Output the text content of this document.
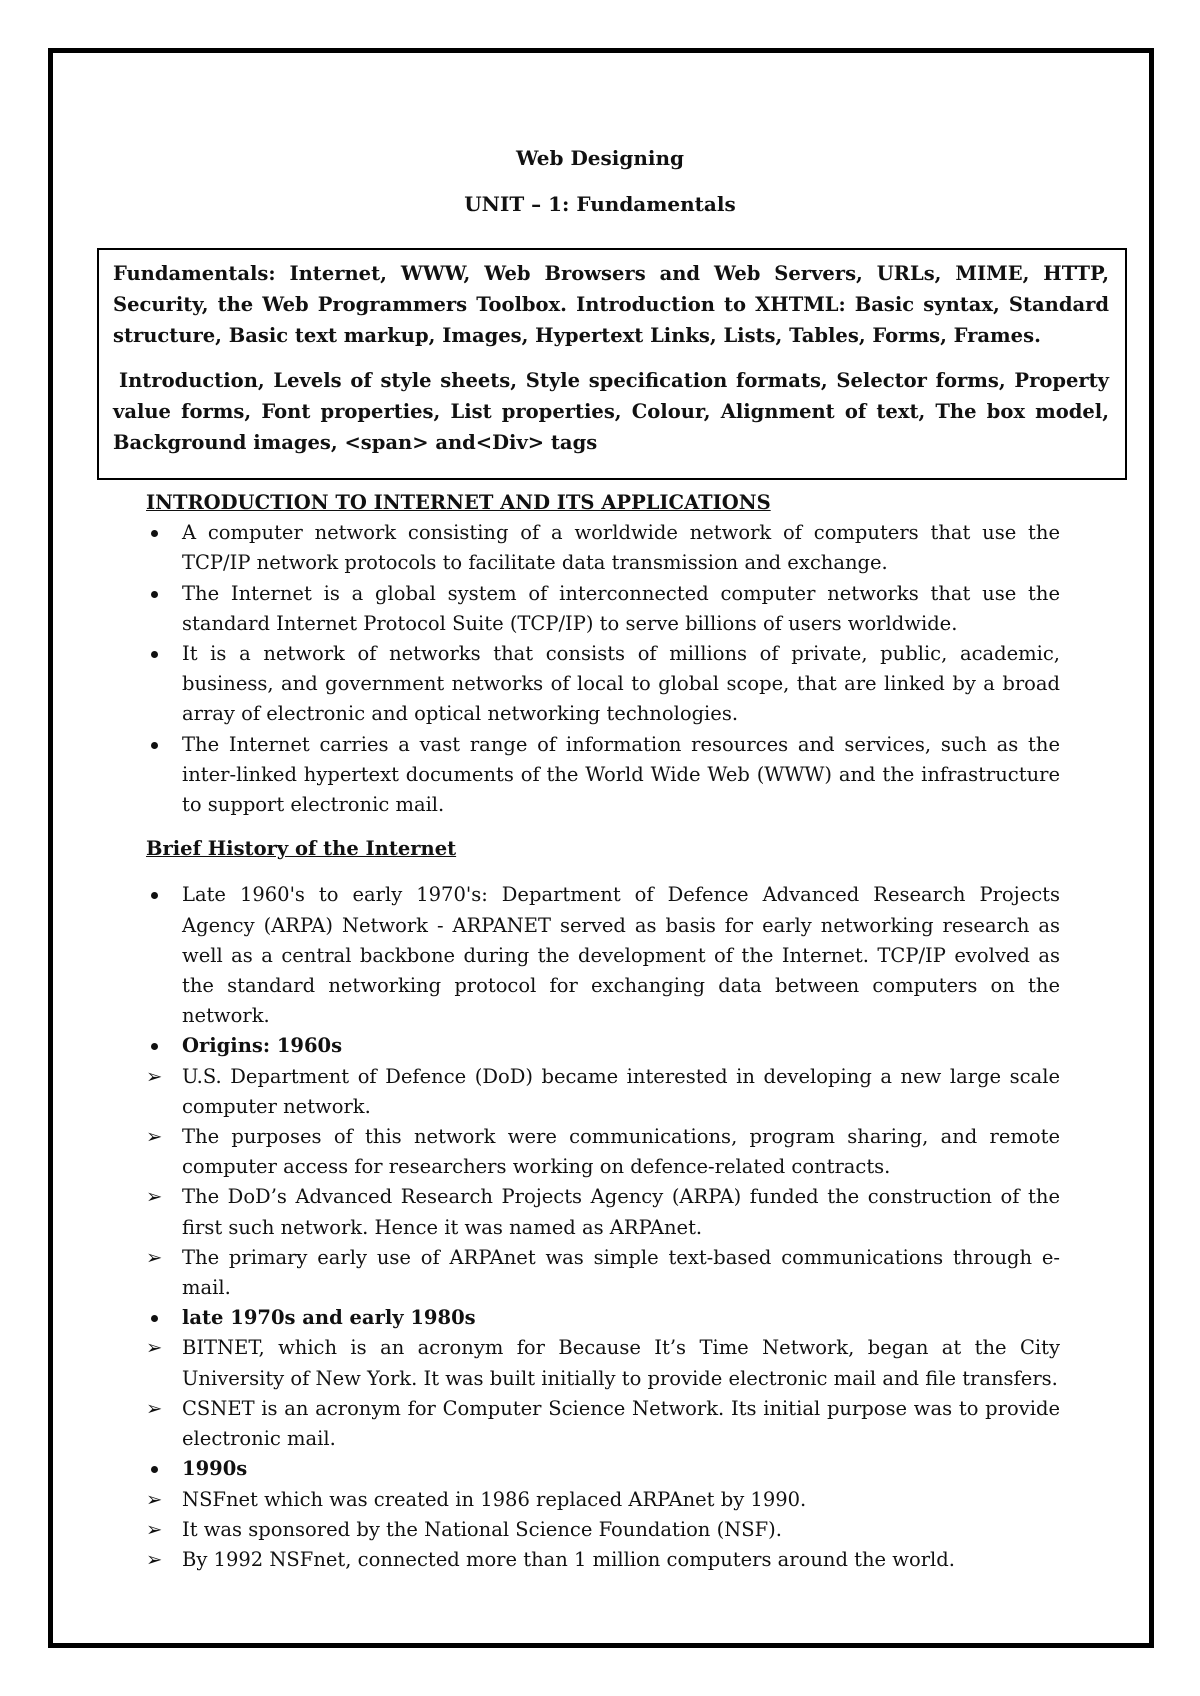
Web Designing
UNIT – 1: Fundamentals

Fundamentals: Internet, WWW, Web Browsers and Web Servers, URLs, MIME, HTTP, Security, the Web Programmers Toolbox. Introduction to XHTML: Basic syntax, Standard structure, Basic text markup, Images, Hypertext Links, Lists, Tables, Forms, Frames.

Introduction, Levels of style sheets, Style specification formats, Selector forms, Property value forms, Font properties, List properties, Colour, Alignment of text, The box model, Background images, <span> and<Div> tags

INTRODUCTION TO INTERNET AND ITS APPLICATIONS
A computer network consisting of a worldwide network of computers that use the TCP/IP network protocols to facilitate data transmission and exchange.
The Internet is a global system of interconnected computer networks that use the standard Internet Protocol Suite (TCP/IP) to serve billions of users worldwide.
It is a network of networks that consists of millions of private, public, academic, business, and government networks of local to global scope, that are linked by a broad array of electronic and optical networking technologies.
The Internet carries a vast range of information resources and services, such as the inter-linked hypertext documents of the World Wide Web (WWW) and the infrastructure to support electronic mail.
Brief History of the Internet
Late 1960's to early 1970's: Department of Defence Advanced Research Projects Agency (ARPA) Network - ARPANET served as basis for early networking research as well as a central backbone during the development of the Internet. TCP/IP evolved as the standard networking protocol for exchanging data between computers on the network.
Origins: 1960s
➢ U.S. Department of Defence (DoD) became interested in developing a new large scale computer network.
➢ The purposes of this network were communications, program sharing, and remote computer access for researchers working on defence-related contracts.
➢ The DoD’s Advanced Research Projects Agency (ARPA) funded the construction of the first such network. Hence it was named as ARPAnet.
➢ The primary early use of ARPAnet was simple text-based communications through e-mail.
late 1970s and early 1980s
➢ BITNET, which is an acronym for Because It’s Time Network, began at the City University of New York. It was built initially to provide electronic mail and file transfers.
➢ CSNET is an acronym for Computer Science Network. Its initial purpose was to provide electronic mail.
1990s
➢ NSFnet which was created in 1986 replaced ARPAnet by 1990.
➢ It was sponsored by the National Science Foundation (NSF).
➢ By 1992 NSFnet, connected more than 1 million computers around the world.
